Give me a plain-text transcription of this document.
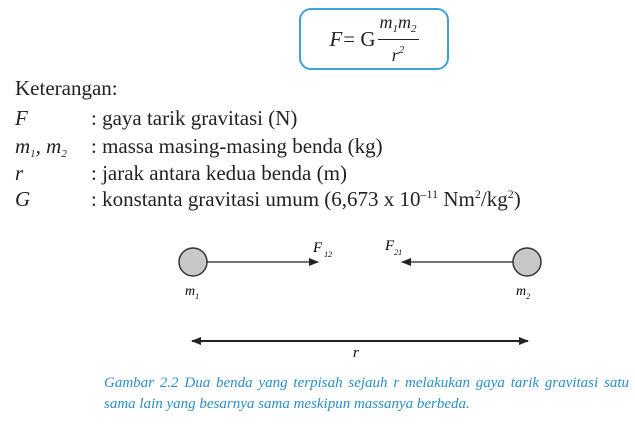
F = G $\frac{m_1m_2}{r^2}$
Keterangan:
F	: gaya tarik gravitasi (N)
$m_1$, $m_2$ : massa masing-masing benda (kg)
r	: jarak antara kedua benda (m)
G	: konstanta gravitasi umum (6,673 x $10^{-11}$ $Nm^2/kg^2$)
F $_{12}$
$F_{21}$
$m_1$	$m_2$
r
Gambar 2.2 Dua benda yang terpisah sejauh r melakukan gaya tarik gravitasi satu sama lain yang besarnya sama meskipun massanya berbeda.
